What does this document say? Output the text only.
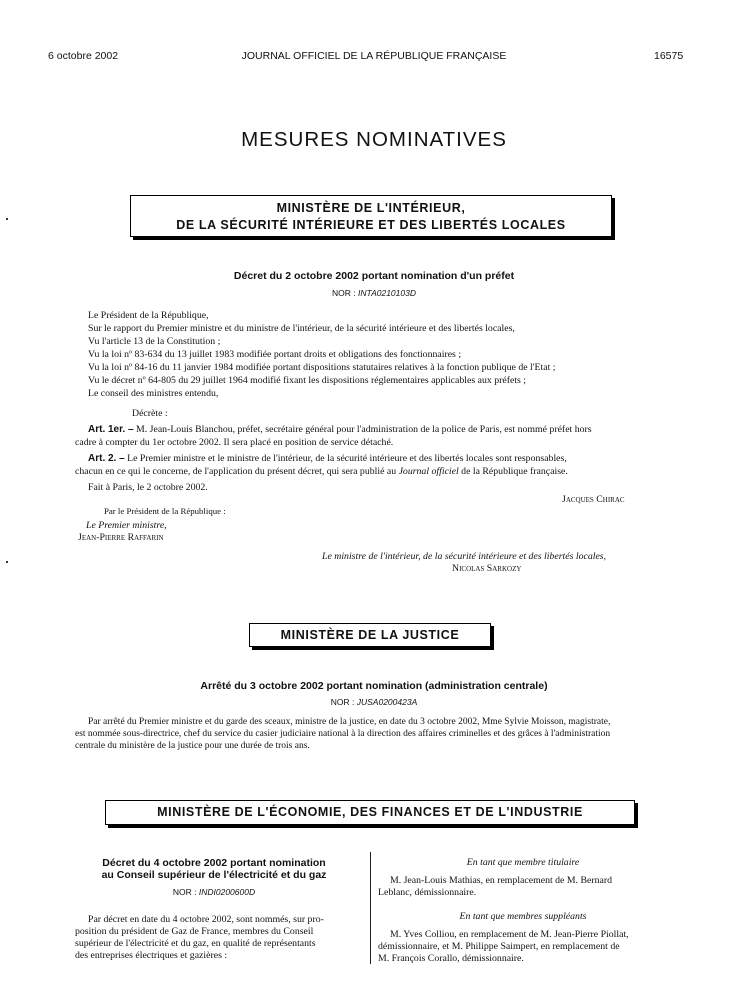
6 octobre 2002	JOURNAL OFFICIEL DE LA RÉPUBLIQUE FRANÇAISE	16575
MESURES NOMINATIVES
MINISTÈRE DE L'INTÉRIEUR,
DE LA SÉCURITÉ INTÉRIEURE ET DES LIBERTÉS LOCALES
Décret du 2 octobre 2002 portant nomination d'un préfet
NOR : INTA0210103D
Le Président de la République,
Sur le rapport du Premier ministre et du ministre de l'intérieur, de la sécurité intérieure et des libertés locales,
Vu l'article 13 de la Constitution ;
Vu la loi nº 83-634 du 13 juillet 1983 modifiée portant droits et obligations des fonctionnaires ;
Vu la loi nº 84-16 du 11 janvier 1984 modifiée portant dispositions statutaires relatives à la fonction publique de l'Etat ;
Vu le décret nº 64-805 du 29 juillet 1964 modifié fixant les dispositions réglementaires applicables aux préfets ;
Le conseil des ministres entendu,
Décrète :
Art. 1er. – M. Jean-Louis Blanchou, préfet, secrétaire général pour l'administration de la police de Paris, est nommé préfet hors
cadre à compter du 1er octobre 2002. Il sera placé en position de service détaché.
Art. 2. – Le Premier ministre et le ministre de l'intérieur, de la sécurité intérieure et des libertés locales sont responsables,
chacun en ce qui le concerne, de l'application du présent décret, qui sera publié au Journal officiel de la République française.
Fait à Paris, le 2 octobre 2002.
Jacques Chirac
Par le Président de la République :
Le Premier ministre,
Jean-Pierre Raffarin
Le ministre de l'intérieur, de la sécurité intérieure et des libertés locales,
Nicolas Sarkozy
MINISTÈRE DE LA JUSTICE
Arrêté du 3 octobre 2002 portant nomination (administration centrale)
NOR : JUSA0200423A
Par arrêté du Premier ministre et du garde des sceaux, ministre de la justice, en date du 3 octobre 2002, Mme Sylvie Moisson, magistrate,
est nommée sous-directrice, chef du service du casier judiciaire national à la direction des affaires criminelles et des grâces à l'administration
centrale du ministère de la justice pour une durée de trois ans.
MINISTÈRE DE L'ÉCONOMIE, DES FINANCES ET DE L'INDUSTRIE
Décret du 4 octobre 2002 portant nomination
au Conseil supérieur de l'électricité et du gaz
NOR : INDI0200600D
Par décret en date du 4 octobre 2002, sont nommés, sur pro-
position du président de Gaz de France, membres du Conseil
supérieur de l'électricité et du gaz, en qualité de représentants
des entreprises électriques et gazières :
En tant que membre titulaire
M. Jean-Louis Mathias, en remplacement de M. Bernard
Leblanc, démissionnaire.
En tant que membres suppléants
M. Yves Colliou, en remplacement de M. Jean-Pierre Piollat,
démissionnaire, et M. Philippe Saimpert, en remplacement de
M. François Corallo, démissionnaire.
